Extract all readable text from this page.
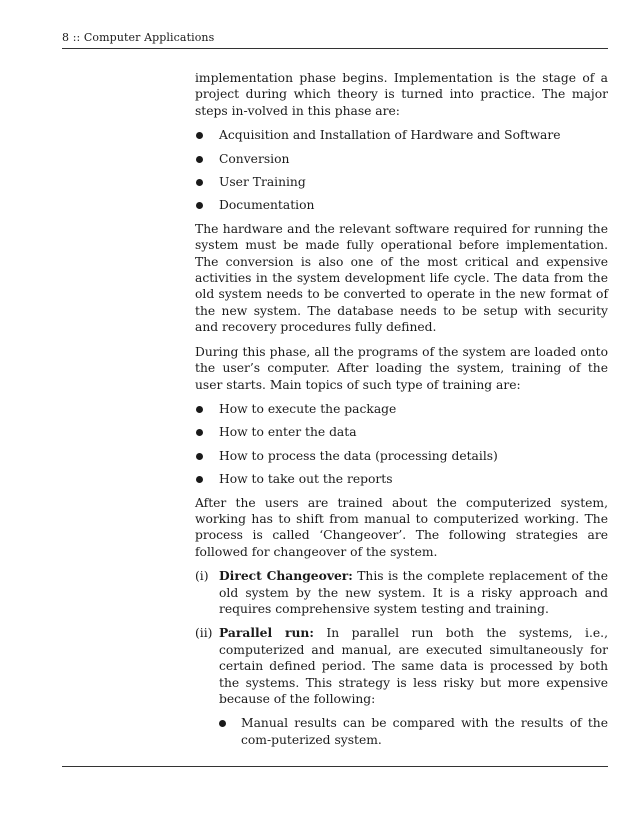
8 :: Computer Applications

implementation phase begins. Implementation is the stage of a project during which theory is turned into practice. The major steps in-volved in this phase are:

Acquisition and Installation of Hardware and Software
Conversion
User Training
Documentation

The hardware and the relevant software required for running the system must be made fully operational before implementation. The conversion is also one of the most critical and expensive activities in the system development life cycle. The data from the old system needs to be converted to operate in the new format of the new system. The database needs to be setup with security and recovery procedures fully defined.

During this phase, all the programs of the system are loaded onto the user’s computer. After loading the system, training of the user starts. Main topics of such type of training are:

How to execute the package
How to enter the data
How to process the data (processing details)
How to take out the reports

After the users are trained about the computerized system, working has to shift from manual to computerized working. The process is called ‘Changeover’. The following strategies are followed for changeover of the system.

(i) Direct Changeover: This is the complete replacement of the old system by the new system. It is a risky approach and requires comprehensive system testing and training.
(ii) Parallel run: In parallel run both the systems, i.e., computerized and manual, are executed simultaneously for certain defined period. The same data is processed by both the systems. This strategy is less risky but more expensive because of the following:
Manual results can be compared with the results of the com-puterized system.
